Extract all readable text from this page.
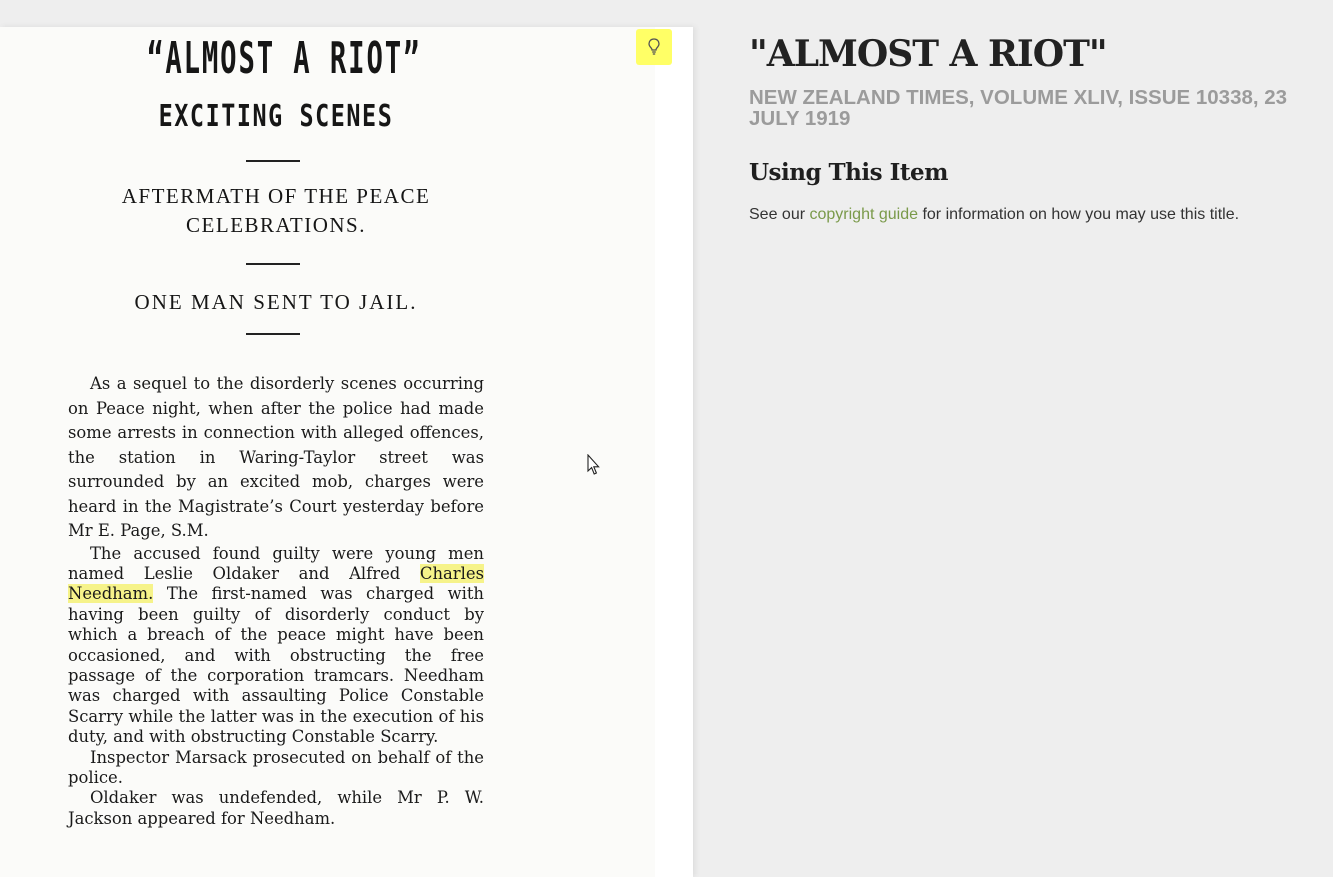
“ALMOST A RIOT”
EXCITING SCENES
AFTERMATH OF THE PEACE CELEBRATIONS.
ONE MAN SENT TO JAIL.

As a sequel to the disorderly scenes occurring on Peace night, when after the police had made some arrests in connection with alleged offences, the station in Waring-Taylor street was surrounded by an excited mob, charges were heard in the Magistrate’s Court yesterday before Mr E. Page, S.M.

The accused found guilty were young men named Leslie Oldaker and Alfred Charles Needham. The first-named was charged with having been guilty of disorderly conduct by which a breach of the peace might have been occasioned, and with obstructing the free passage of the corporation tramcars. Needham was charged with assaulting Police Constable Scarry while the latter was in the execution of his duty, and with obstructing Constable Scarry.

Inspector Marsack prosecuted on behalf of the police.

Oldaker was undefended, while Mr P. W. Jackson appeared for Needham.

"ALMOST A RIOT"
NEW ZEALAND TIMES, VOLUME XLIV, ISSUE 10338, 23 JULY 1919
Using This Item

See our copyright guide for information on how you may use this title.
